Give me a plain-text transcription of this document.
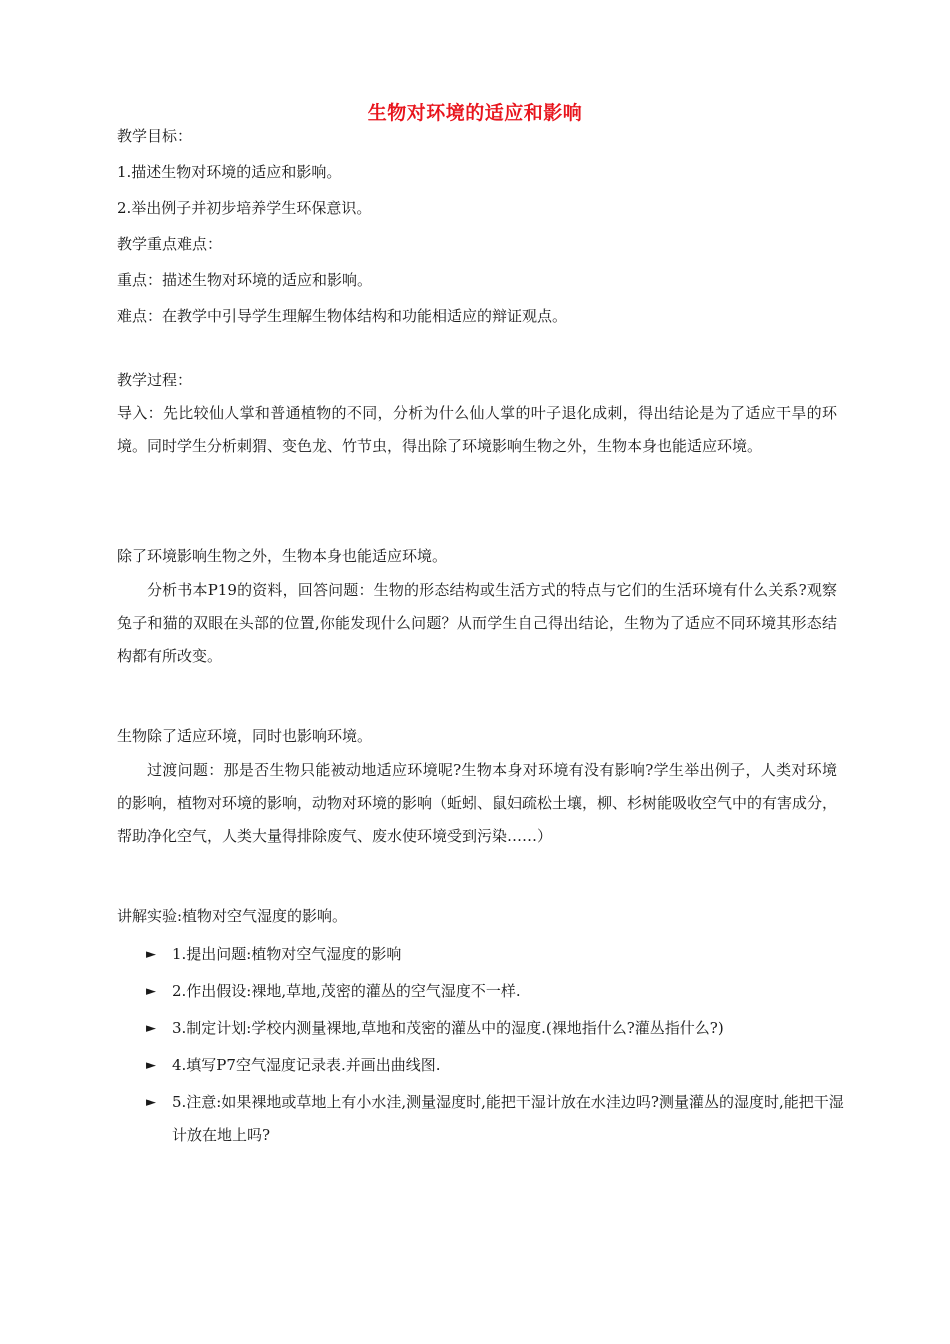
生物对环境的适应和影响
教学目标：
1.描述生物对环境的适应和影响。
2.举出例子并初步培养学生环保意识。
教学重点难点：
重点：描述生物对环境的适应和影响。
难点：在教学中引导学生理解生物体结构和功能相适应的辩证观点。
教学过程：
导入：先比较仙人掌和普通植物的不同，分析为什么仙人掌的叶子退化成刺，得出结论是为了适应干旱的环境。同时学生分析刺猬、变色龙、竹节虫，得出除了环境影响生物之外，生物本身也能适应环境。
除了环境影响生物之外，生物本身也能适应环境。
分析书本P19的资料，回答问题：生物的形态结构或生活方式的特点与它们的生活环境有什么关系?观察兔子和猫的双眼在头部的位置,你能发现什么问题？从而学生自己得出结论，生物为了适应不同环境其形态结构都有所改变。
生物除了适应环境，同时也影响环境。
过渡问题：那是否生物只能被动地适应环境呢?生物本身对环境有没有影响?学生举出例子，人类对环境的影响，植物对环境的影响，动物对环境的影响（蚯蚓、鼠妇疏松土壤，柳、杉树能吸收空气中的有害成分，帮助净化空气，人类大量得排除废气、废水使环境受到污染……）
讲解实验:植物对空气湿度的影响。
► 1.提出问题:植物对空气湿度的影响
► 2.作出假设:裸地,草地,茂密的灌丛的空气湿度不一样.
► 3.制定计划:学校内测量裸地,草地和茂密的灌丛中的湿度.(裸地指什么?灌丛指什么?)
► 4.填写P7空气湿度记录表.并画出曲线图.
► 5.注意:如果裸地或草地上有小水洼,测量湿度时,能把干湿计放在水洼边吗?测量灌丛的湿度时,能把干湿计放在地上吗?
